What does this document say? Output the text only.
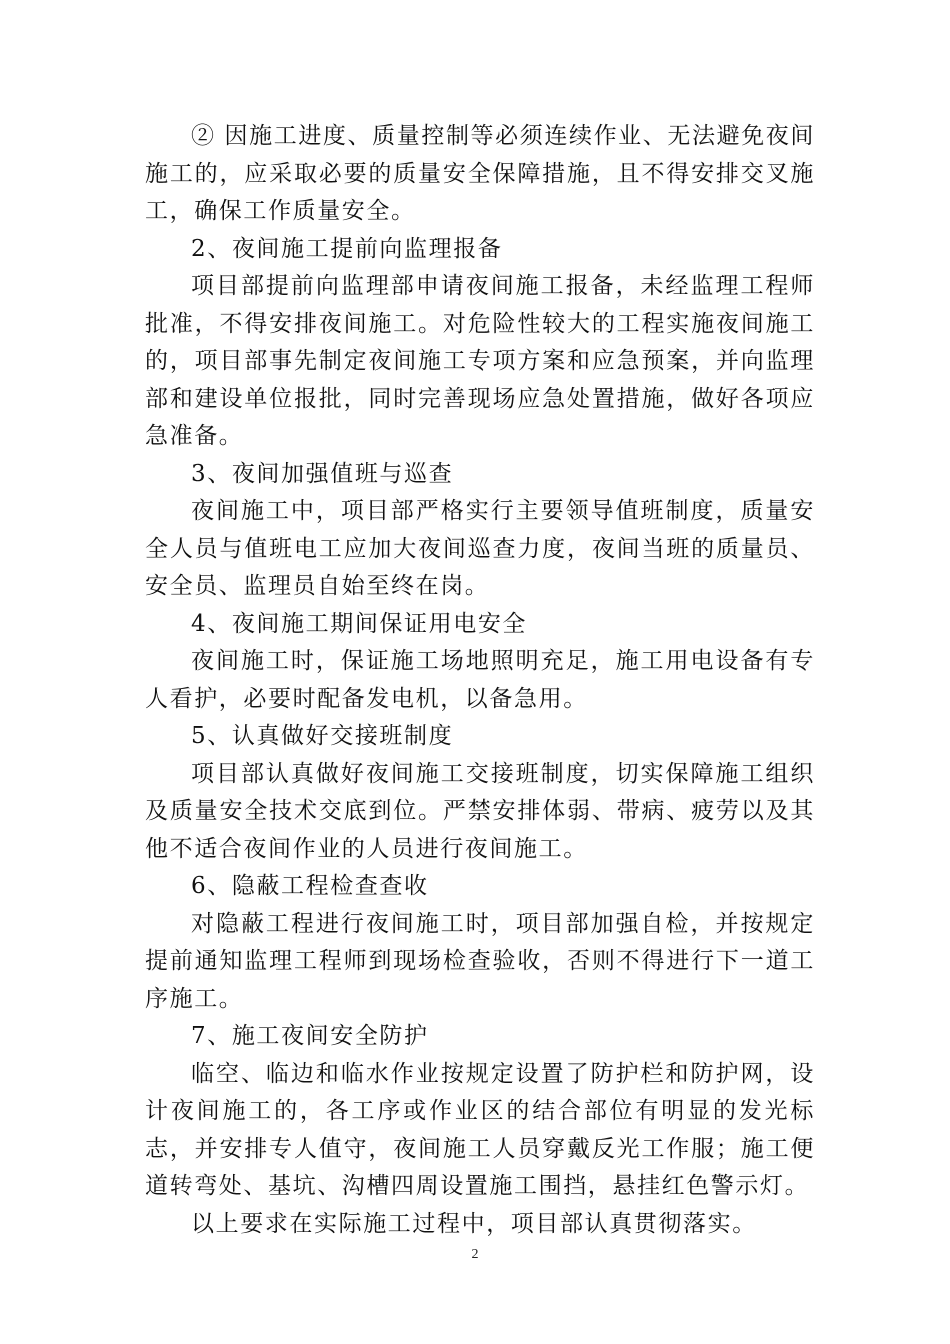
② 因施工进度、质量控制等必须连续作业、无法避免夜间施工的，应采取必要的质量安全保障措施，且不得安排交叉施工，确保工作质量安全。

2、夜间施工提前向监理报备

项目部提前向监理部申请夜间施工报备，未经监理工程师批准，不得安排夜间施工。对危险性较大的工程实施夜间施工的，项目部事先制定夜间施工专项方案和应急预案，并向监理部和建设单位报批，同时完善现场应急处置措施，做好各项应急准备。

3、夜间加强值班与巡查

夜间施工中，项目部严格实行主要领导值班制度，质量安全人员与值班电工应加大夜间巡查力度，夜间当班的质量员、安全员、监理员自始至终在岗。

4、夜间施工期间保证用电安全

夜间施工时，保证施工场地照明充足，施工用电设备有专人看护，必要时配备发电机，以备急用。

5、认真做好交接班制度

项目部认真做好夜间施工交接班制度，切实保障施工组织及质量安全技术交底到位。严禁安排体弱、带病、疲劳以及其他不适合夜间作业的人员进行夜间施工。

6、隐蔽工程检查查收

对隐蔽工程进行夜间施工时，项目部加强自检，并按规定提前通知监理工程师到现场检查验收，否则不得进行下一道工序施工。

7、施工夜间安全防护

临空、临边和临水作业按规定设置了防护栏和防护网，设计夜间施工的，各工序或作业区的结合部位有明显的发光标志，并安排专人值守，夜间施工人员穿戴反光工作服；施工便道转弯处、基坑、沟槽四周设置施工围挡，悬挂红色警示灯。

以上要求在实际施工过程中，项目部认真贯彻落实。

2
